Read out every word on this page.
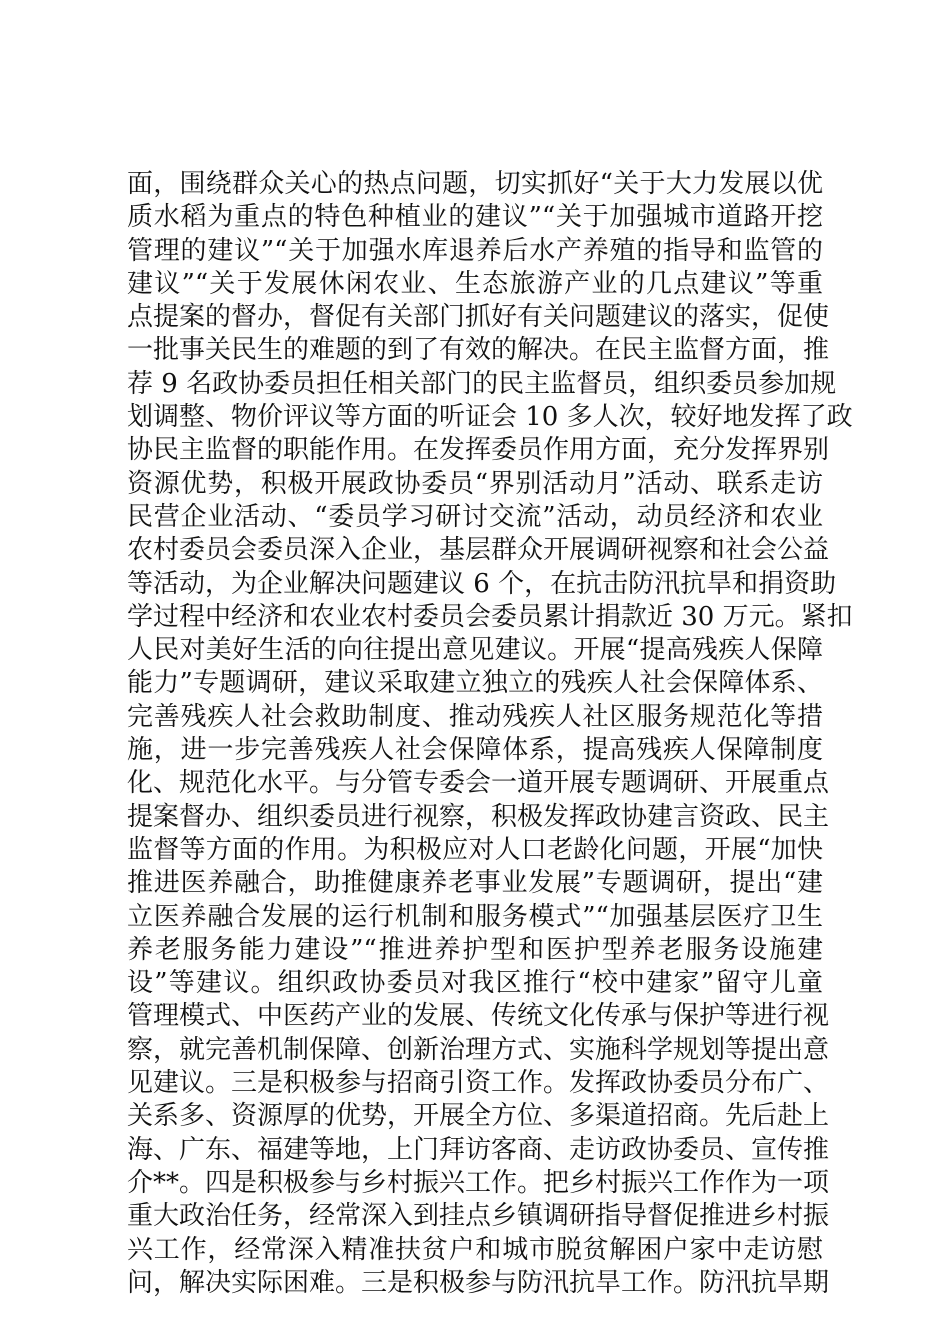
面，围绕群众关心的热点问题，切实抓好“关于大力发展以优
质水稻为重点的特色种植业的建议”“关于加强城市道路开挖
管理的建议”“关于加强水库退养后水产养殖的指导和监管的
建议”“关于发展休闲农业、生态旅游产业的几点建议”等重
点提案的督办，督促有关部门抓好有关问题建议的落实，促使
一批事关民生的难题的到了有效的解决。在民主监督方面，推
荐 9 名政协委员担任相关部门的民主监督员，组织委员参加规
划调整、物价评议等方面的听证会 10 多人次，较好地发挥了政
协民主监督的职能作用。在发挥委员作用方面，充分发挥界别
资源优势，积极开展政协委员“界别活动月”活动、联系走访
民营企业活动、“委员学习研讨交流”活动，动员经济和农业
农村委员会委员深入企业，基层群众开展调研视察和社会公益
等活动，为企业解决问题建议 6 个，在抗击防汛抗旱和捐资助
学过程中经济和农业农村委员会委员累计捐款近 30 万元。紧扣
人民对美好生活的向往提出意见建议。开展“提高残疾人保障
能力”专题调研，建议采取建立独立的残疾人社会保障体系、
完善残疾人社会救助制度、推动残疾人社区服务规范化等措
施，进一步完善残疾人社会保障体系，提高残疾人保障制度
化、规范化水平。与分管专委会一道开展专题调研、开展重点
提案督办、组织委员进行视察，积极发挥政协建言资政、民主
监督等方面的作用。为积极应对人口老龄化问题，开展“加快
推进医养融合，助推健康养老事业发展”专题调研，提出“建
立医养融合发展的运行机制和服务模式”“加强基层医疗卫生
养老服务能力建设”“推进养护型和医护型养老服务设施建
设”等建议。组织政协委员对我区推行“校中建家”留守儿童
管理模式、中医药产业的发展、传统文化传承与保护等进行视
察，就完善机制保障、创新治理方式、实施科学规划等提出意
见建议。三是积极参与招商引资工作。发挥政协委员分布广、
关系多、资源厚的优势，开展全方位、多渠道招商。先后赴上
海、广东、福建等地，上门拜访客商、走访政协委员、宣传推
介**。四是积极参与乡村振兴工作。把乡村振兴工作作为一项
重大政治任务，经常深入到挂点乡镇调研指导督促推进乡村振
兴工作，经常深入精准扶贫户和城市脱贫解困户家中走访慰
问，解决实际困难。三是积极参与防汛抗旱工作。防汛抗旱期
